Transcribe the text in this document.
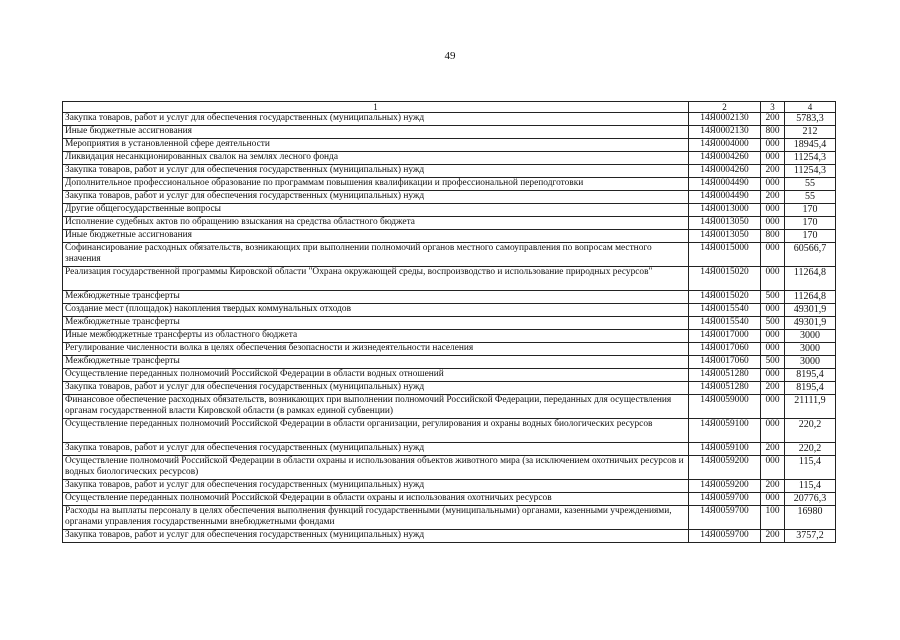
49
1	2	3	4
Закупка товаров, работ и услуг для обеспечения государственных (муниципальных) нужд	14Я0002130	200	5783,3
Иные бюджетные ассигнования	14Я0002130	800	212
Мероприятия в установленной сфере деятельности	14Я0004000	000	18945,4
Ликвидация несанкционированных свалок на землях лесного фонда	14Я0004260	000	11254,3
Закупка товаров, работ и услуг для обеспечения государственных (муниципальных) нужд	14Я0004260	200	11254,3
Дополнительное профессиональное образование по программам повышения квалификации и профессиональной переподготовки	14Я0004490	000	55
Закупка товаров, работ и услуг для обеспечения государственных (муниципальных) нужд	14Я0004490	200	55
Другие общегосударственные вопросы	14Я0013000	000	170
Исполнение судебных актов по обращению взыскания на средства областного бюджета	14Я0013050	000	170
Иные бюджетные ассигнования	14Я0013050	800	170
Софинансирование расходных обязательств, возникающих при выполнении полномочий органов местного самоуправления по вопросам местного значения	14Я0015000	000	60566,7
Реализация государственной программы Кировской области "Охрана окружающей среды, воспроизводство и использование природных ресурсов"	14Я0015020	000	11264,8
Межбюджетные трансферты	14Я0015020	500	11264,8
Создание мест (площадок) накопления твердых коммунальных отходов	14Я0015540	000	49301,9
Межбюджетные трансферты	14Я0015540	500	49301,9
Иные межбюджетные трансферты из областного бюджета	14Я0017000	000	3000
Регулирование численности волка в целях обеспечения безопасности и жизнедеятельности населения	14Я0017060	000	3000
Межбюджетные трансферты	14Я0017060	500	3000
Осуществление переданных полномочий Российской Федерации в области водных отношений	14Я0051280	000	8195,4
Закупка товаров, работ и услуг для обеспечения государственных (муниципальных) нужд	14Я0051280	200	8195,4
Финансовое обеспечение расходных обязательств, возникающих при выполнении полномочий Российской Федерации, переданных для осуществления органам государственной власти Кировской области (в рамках единой субвенции)	14Я0059000	000	21111,9
Осуществление переданных полномочий Российской Федерации в области организации, регулирования и охраны водных биологических ресурсов	14Я0059100	000	220,2
Закупка товаров, работ и услуг для обеспечения государственных (муниципальных) нужд	14Я0059100	200	220,2
Осуществление полномочий Российской Федерации в области охраны и использования объектов животного мира (за исключением охотничьих ресурсов и водных биологических ресурсов)	14Я0059200	000	115,4
Закупка товаров, работ и услуг для обеспечения государственных (муниципальных) нужд	14Я0059200	200	115,4
Осуществление переданных полномочий Российской Федерации в области охраны и использования охотничьих ресурсов	14Я0059700	000	20776,3
Расходы на выплаты персоналу в целях обеспечения выполнения функций государственными (муниципальными) органами, казенными учреждениями, органами управления государственными внебюджетными фондами	14Я0059700	100	16980
Закупка товаров, работ и услуг для обеспечения государственных (муниципальных) нужд	14Я0059700	200	3757,2
